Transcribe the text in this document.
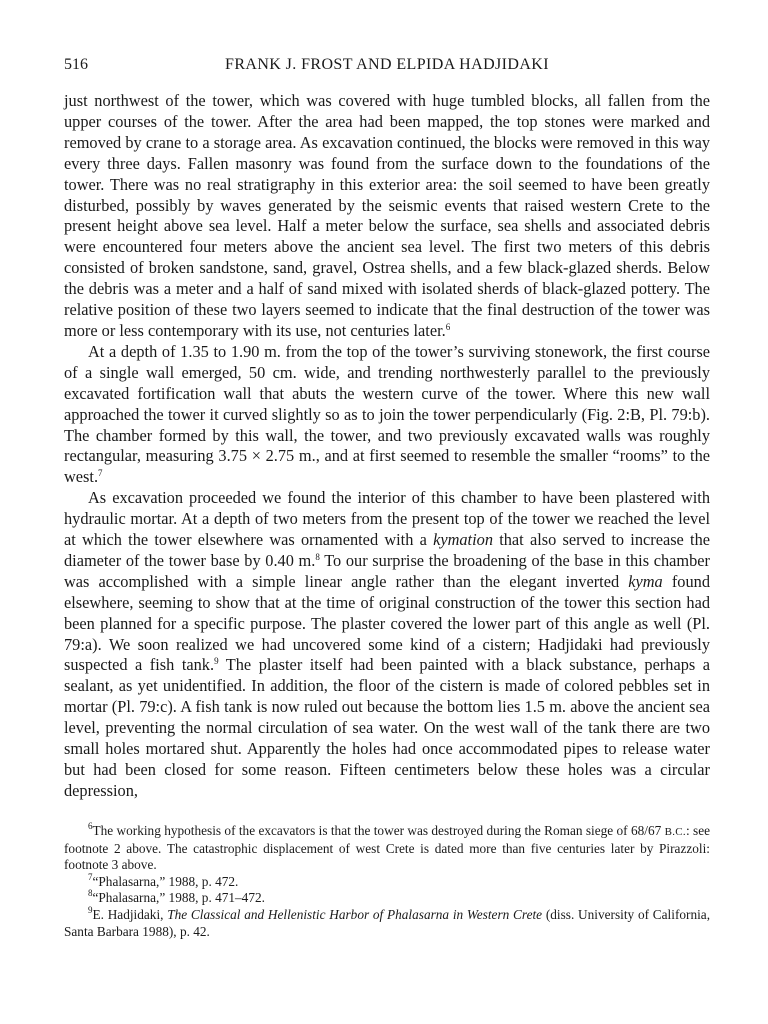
516	FRANK J. FROST AND ELPIDA HADJIDAKI

just northwest of the tower, which was covered with huge tumbled blocks, all fallen from the upper courses of the tower. After the area had been mapped, the top stones were marked and removed by crane to a storage area. As excavation continued, the blocks were removed in this way every three days. Fallen masonry was found from the surface down to the foundations of the tower. There was no real stratigraphy in this exterior area: the soil seemed to have been greatly disturbed, possibly by waves generated by the seismic events that raised western Crete to the present height above sea level. Half a meter below the surface, sea shells and associated debris were encountered four meters above the ancient sea level. The first two meters of this debris consisted of broken sandstone, sand, gravel, Ostrea shells, and a few black-glazed sherds. Below the debris was a meter and a half of sand mixed with isolated sherds of black-glazed pottery. The relative position of these two layers seemed to indicate that the final destruction of the tower was more or less contemporary with its use, not centuries later.$^6$

At a depth of 1.35 to 1.90 m. from the top of the tower’s surviving stonework, the first course of a single wall emerged, 50 cm. wide, and trending northwesterly parallel to the previously excavated fortification wall that abuts the western curve of the tower. Where this new wall approached the tower it curved slightly so as to join the tower perpendicularly (Fig. 2:B, Pl. 79:b). The chamber formed by this wall, the tower, and two previously excavated walls was roughly rectangular, measuring 3.75 × 2.75 m., and at first seemed to resemble the smaller “rooms” to the west.$^7$

As excavation proceeded we found the interior of this chamber to have been plastered with hydraulic mortar. At a depth of two meters from the present top of the tower we reached the level at which the tower elsewhere was ornamented with a kymation that also served to increase the diameter of the tower base by 0.40 m.$^8$ To our surprise the broadening of the base in this chamber was accomplished with a simple linear angle rather than the elegant inverted kyma found elsewhere, seeming to show that at the time of original construction of the tower this section had been planned for a specific purpose. The plaster covered the lower part of this angle as well (Pl. 79:a). We soon realized we had uncovered some kind of a cistern; Hadjidaki had previously suspected a fish tank.$^9$ The plaster itself had been painted with a black substance, perhaps a sealant, as yet unidentified. In addition, the floor of the cistern is made of colored pebbles set in mortar (Pl. 79:c). A fish tank is now ruled out because the bottom lies 1.5 m. above the ancient sea level, preventing the normal circulation of sea water. On the west wall of the tank there are two small holes mortared shut. Apparently the holes had once accommodated pipes to release water but had been closed for some reason. Fifteen centimeters below these holes was a circular depression,

$^6$The working hypothesis of the excavators is that the tower was destroyed during the Roman siege of 68/67 B.C.: see footnote 2 above. The catastrophic displacement of west Crete is dated more than five centuries later by Pirazzoli: footnote 3 above.

$^7$“Phalasarna,” 1988, p. 472.

$^8$“Phalasarna,” 1988, p. 471–472.

$^9$E. Hadjidaki, The Classical and Hellenistic Harbor of Phalasarna in Western Crete (diss. University of California, Santa Barbara 1988), p. 42.
